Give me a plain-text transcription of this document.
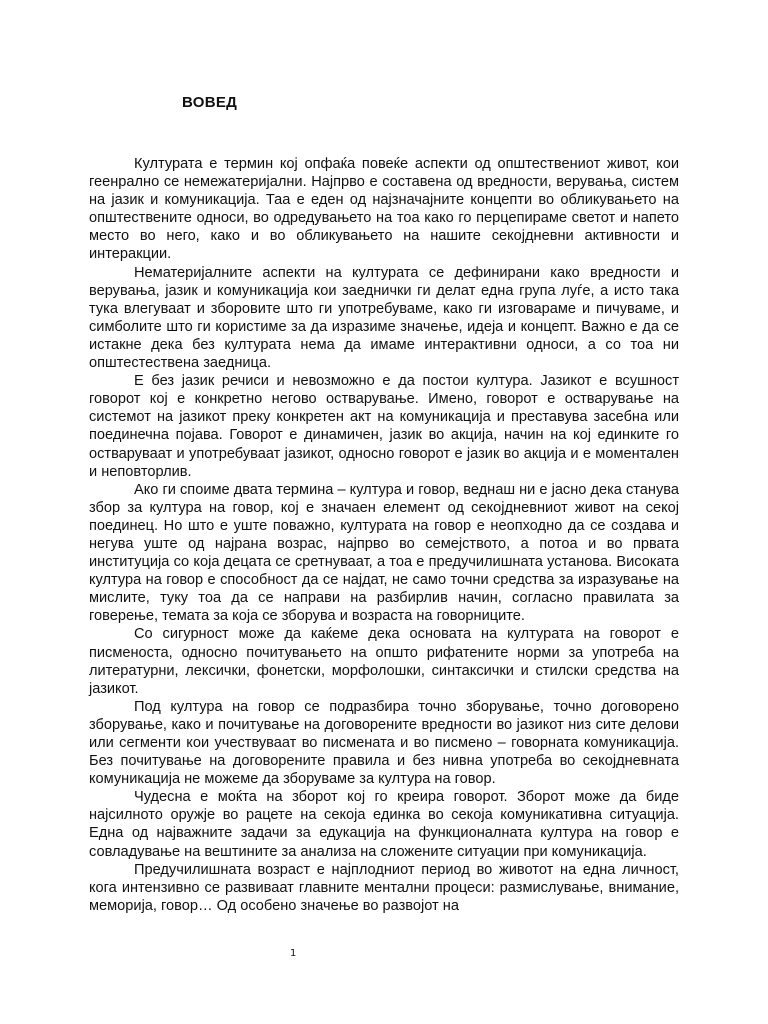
ВОВЕД

Културата е термин кој опфаќа повеќе аспекти од општествениот живот, кои геенрално се немежатеријални. Најпрво е составена од вредности, верувања, систем на јазик и комуникација. Таа е еден од најзначајните концепти во обликувањето на општествените односи, во одредувањето на тоа како го перцепираме светот и напето место во него, како и во обликувањето на нашите секојдневни активности и интеракции.

Нематеријалните аспекти на културата се дефинирани како вредности и верувања, јазик и комуникација кои заеднички ги делат една група луѓе, а исто така тука влегуваат и зборовите што ги употребуваме, како ги изговараме и пичуваме, и симболите што ги користиме за да изразиме значење, идеја и концепт. Важно е да се истакне дека без културата нема да имаме интерактивни односи, а со тоа ни општестествена заедница.

Е без јазик речиси и невозможно е да постои култура. Јазикот е всушност говорот кој е конкретно негово остварување. Имено, говорот е остварување на системот на јазикот преку конкретен акт на комуникација и преставува засебна или поединечна појава. Говорот е динамичен, јазик во акција, начин на кој единките го остваруваат и употребуваат јазикот, односно говорот е јазик во акција и е моментален и неповторлив.

Ако ги споиме двата термина – култура и говор, веднаш ни е јасно дека станува збор за култура на говор, кој е значаен елемент од секојдневниот живот на секој поединец. Но што е уште поважно, културата на говор е неопходно да се создава и негува уште од најрана возрас, најпрво во семејството, а потоа и во првата институција со која децата се сретнуваат, а тоа е предучилишната установа. Високата култура на говор е способност да се најдат, не само точни средства за изразување на мислите, туку тоа да се направи на разбирлив начин, согласно правилата за говерење, темата за која се зборува и возраста на говорниците.

Со сигурност може да каќеме дека основата на културата на говорот е писменоста, односно почитувањето на општо рифатените норми за употреба на литературни, лексички, фонетски, морфолошки, синтаксички и стилски средства на јазикот.

Под култура на говор се подразбира точно зборување, точно договорено зборување, како и почитување на договорените вредности во јазикот низ сите делови или сегменти кои учествуваат во писмената и во писмено – говорната комуникација. Без почитување на договорените правила и без нивна употреба во секојдневната комуникација не можеме да зборуваме за култура на говор.

Чудесна е моќта на зборот кој го креира говорот. Зборот може да биде најсилното оружје во рацете на секоја единка во секоја комуникативна ситуација. Една од најважните задачи за едукација на функционалната култура на говор е совладување на вештините за анализа на сложените ситуации при комуникација.

Предучилишната возраст е најплодниот период во животот на една личност, кога интензивно се развиваат главните ментални процеси: размислување, внимание, меморија, говор… Од особено значење во развојот на

1
